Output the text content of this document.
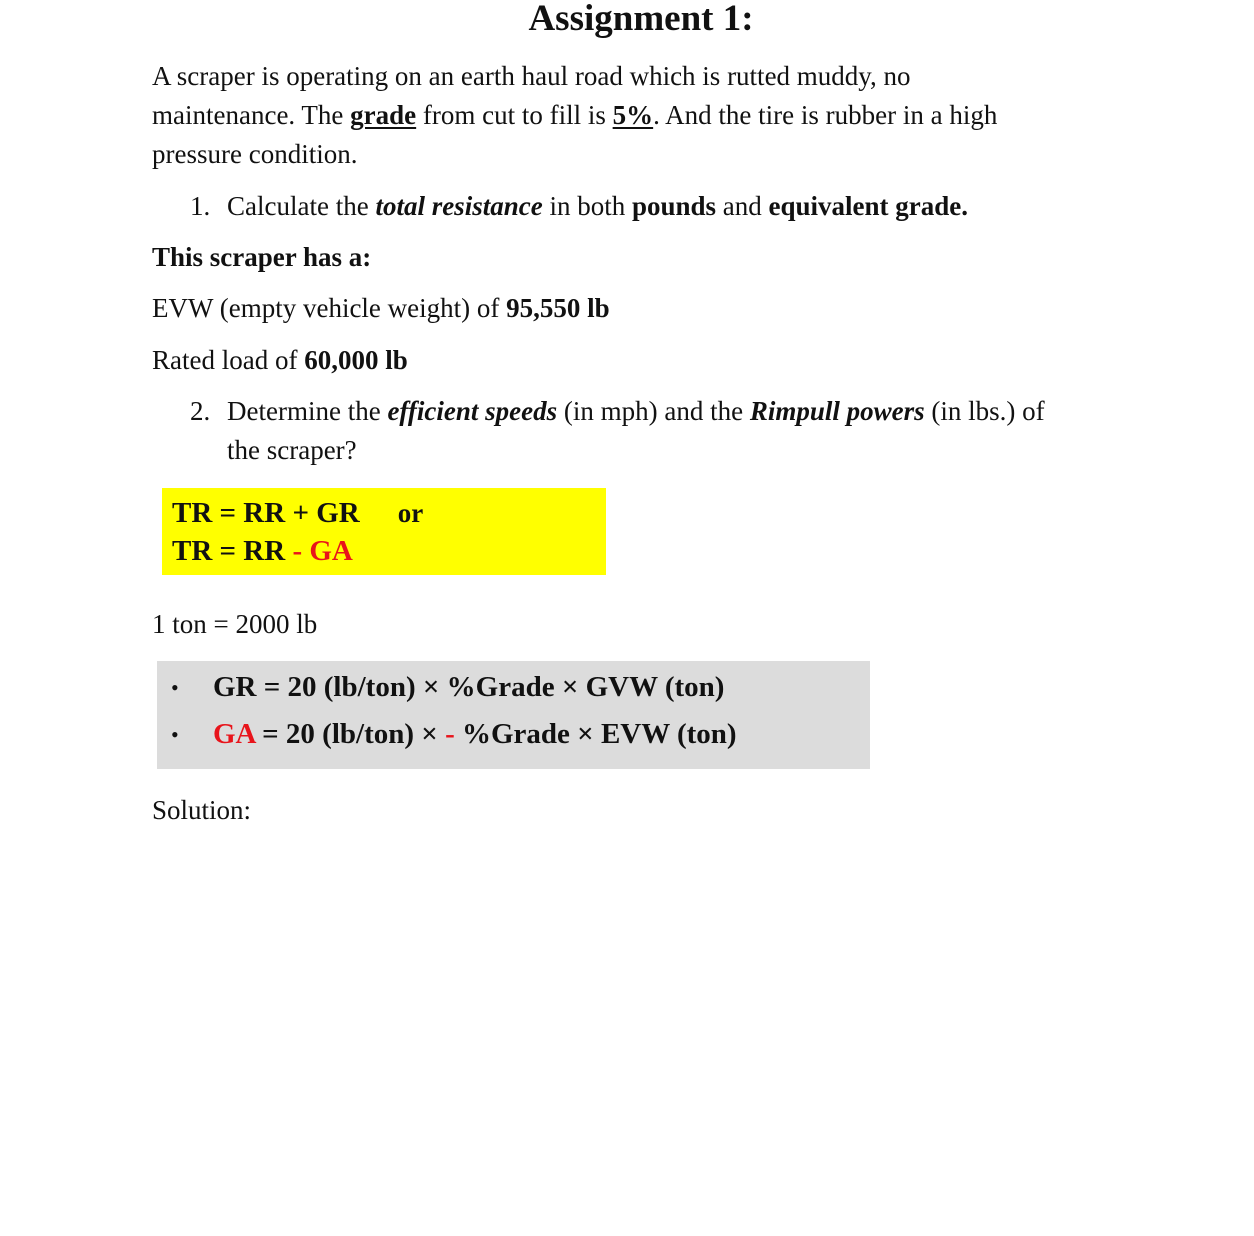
Assignment 1:
A scraper is operating on an earth haul road which is rutted muddy, no
maintenance. The grade from cut to fill is 5%. And the tire is rubber in a high
pressure condition.
1. Calculate the total resistance in both pounds and equivalent grade.
This scraper has a:
EVW (empty vehicle weight) of 95,550 lb
Rated load of 60,000 lb
2. Determine the efficient speeds (in mph) and the Rimpull powers (in lbs.) of
the scraper?
TR = RR + GR or
TR = RR - GA
1 ton = 2000 lb
• GR = 20 (lb/ton) × %Grade × GVW (ton)
• GA = 20 (lb/ton) × - %Grade × EVW (ton)
Solution:
